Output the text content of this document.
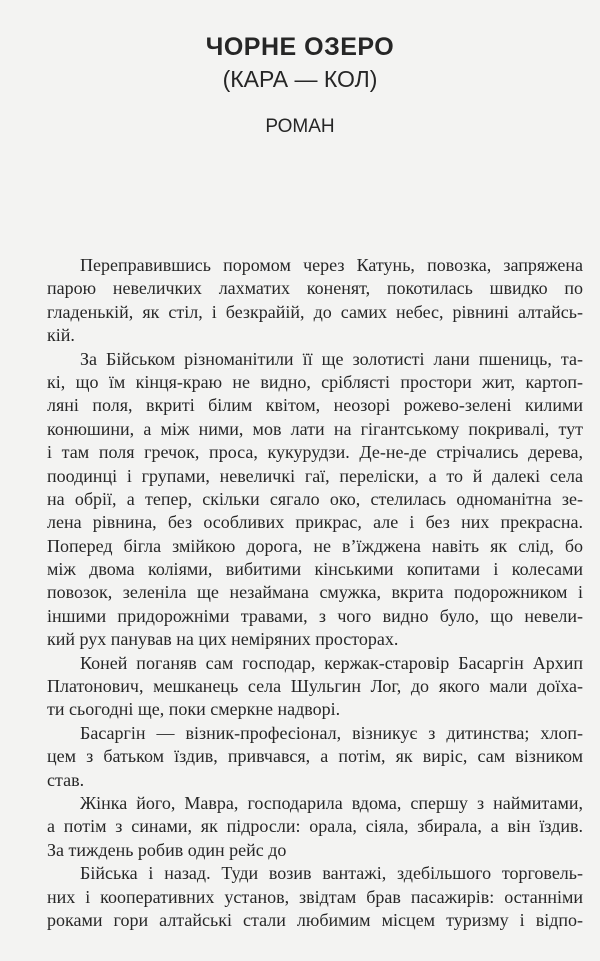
ЧОРНЕ ОЗЕРО
(КАРА — КОЛ)
РОМАН
Переправившись поромом через Катунь, повозка, запряжена
парою невеличких лахматих коненят, покотилась швидко по
гладенькій, як стіл, і безкрайій, до самих небес, рівнині алтайсь-
кій.
За Бійськом різноманітили її ще золотисті лани пшениць, та-
кі, що їм кінця-краю не видно, сріблясті простори жит, картоп-
ляні поля, вкриті білим квітом, неозорі рожево-зелені килими
конюшини, а між ними, мов лати на гігантському покривалі, тут
і там поля гречок, проса, кукурудзи. Де-не-де стрічались дерева,
поодинці і групами, невеличкі гаї, переліски, а то й далекі села
на обрії, а тепер, скільки сягало око, стелилась одноманітна зе-
лена рівнина, без особливих прикрас, але і без них прекрасна.
Поперед бігла змійкою дорога, не в’їждженa навіть як слід, бо
між двома коліями, вибитими кінськими копитами і колесами
повозок, зеленіла ще незаймана смужка, вкрита подорожником і
іншими придорожніми травами, з чого видно було, що невели-
кий рух панував на цих неміряних просторах.
Коней поганяв сам господар, кержак-старовір Басаргін Архип
Платонович, мешканець села Шульгин Лог, до якого мали доїха-
ти сьогодні ще, поки смеркне надворі.
Басаргін — візник-професіонал, візникує з дитинства; хлоп-
цем з батьком їздив, привчався, а потім, як виріс, сам візником
став.
Жінка його, Мавра, господарила вдома, спершу з наймитами,
а потім з синами, як підросли: орала, сіяла, збирала, а він їздив.
За тиждень робив один рейс до
Бійська і назад. Туди возив вантажі, здебільшого торговель-
них і кооперативних установ, звідтам брав пасажирів: останніми
роками гори алтайські стали любимим місцем туризму і відпо-
